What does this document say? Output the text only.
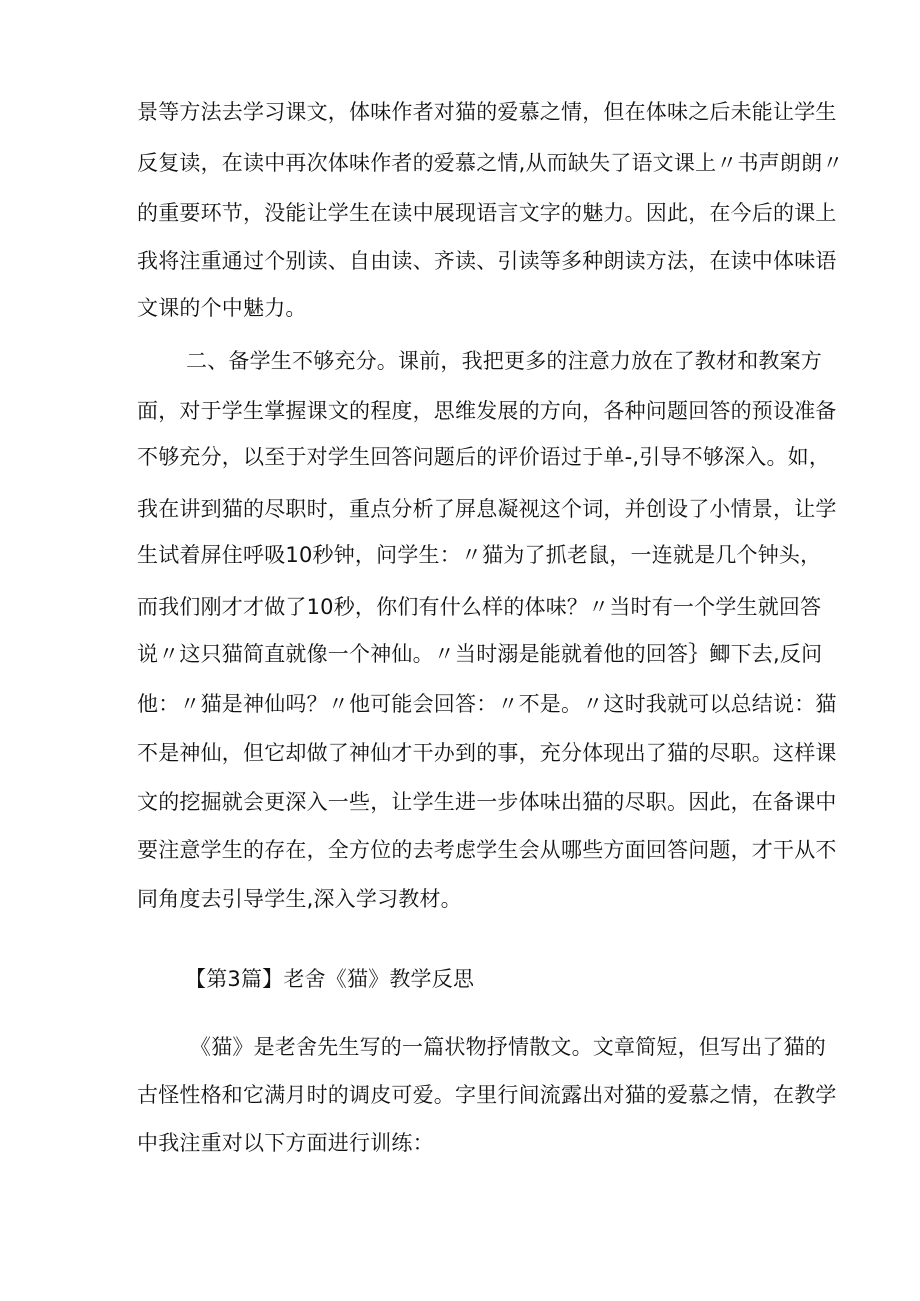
景等方法去学习课文，体味作者对猫的爱慕之情，但在体味之后未能让学生
反复读，在读中再次体味作者的爱慕之情,从而缺失了语文课上〃书声朗朗〃
的重要环节，没能让学生在读中展现语言文字的魅力。因此，在今后的课上
我将注重通过个别读、自由读、齐读、引读等多种朗读方法，在读中体味语
文课的个中魅力。
二、备学生不够充分。课前，我把更多的注意力放在了教材和教案方
面，对于学生掌握课文的程度，思维发展的方向，各种问题回答的预设准备
不够充分，以至于对学生回答问题后的评价语过于单-,引导不够深入。如，
我在讲到猫的尽职时，重点分析了屏息凝视这个词，并创设了小情景，让学
生试着屏住呼吸10秒钟，问学生：〃猫为了抓老鼠，一连就是几个钟头，
而我们刚才才做了10秒，你们有什么样的体味？〃当时有一个学生就回答
说〃这只猫简直就像一个神仙。〃当时溺是能就着他的回答｝鲫下去,反问
他：〃猫是神仙吗？〃他可能会回答：〃不是。〃这时我就可以总结说：猫
不是神仙，但它却做了神仙才干办到的事，充分体现出了猫的尽职。这样课
文的挖掘就会更深入一些，让学生进一步体味出猫的尽职。因此，在备课中
要注意学生的存在，全方位的去考虑学生会从哪些方面回答问题，才干从不
同角度去引导学生,深入学习教材。
【第3篇】老舍《猫》教学反思
《猫》是老舍先生写的一篇状物抒情散文。文章简短，但写出了猫的
古怪性格和它满月时的调皮可爱。字里行间流露出对猫的爱慕之情，在教学
中我注重对以下方面进行训练：
